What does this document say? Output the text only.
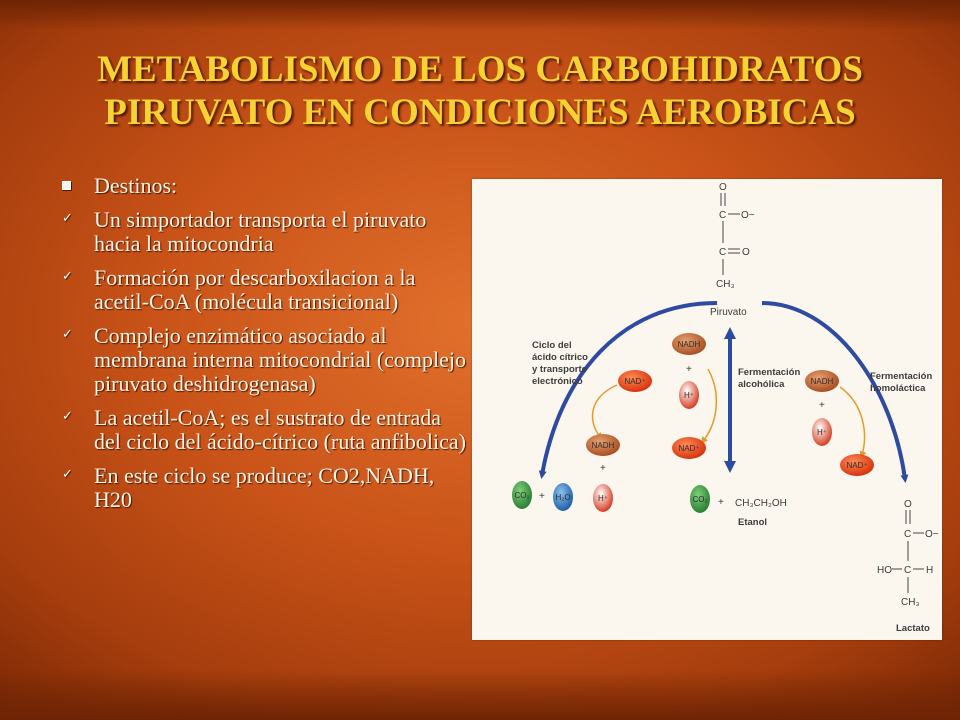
METABOLISMO DE LOS CARBOHIDRATOS
PIRUVATO EN CONDICIONES AEROBICAS
Destinos:
✓
Un simportador transporta el piruvato hacia la mitocondria
✓
Formación por descarboxilacion a la acetil-CoA (molécula transicional)
✓
Complejo enzimático asociado al membrana interna mitocondrial (complejo piruvato deshidrogenasa)
✓
La acetil-CoA; es el sustrato de entrada del ciclo del ácido-cítrico (ruta anfibolica)
✓
En este ciclo se produce; CO2,NADH, H20
O
C O−
C O
CH₃
Piruvato
Ciclo del
ácido cítrico
y transporte
electrónico
Fermentación
alcohólica
Fermentación
homoláctica
NAD⁺
NADH
+
H⁺
CO₂ + H₂O
NADH
+
H⁺
NAD⁺
CO₂ + CH₃CH₂OH
Etanol
NADH
+
H⁺
NAD⁺
O
C O−
HO C H
CH₃
Lactato
